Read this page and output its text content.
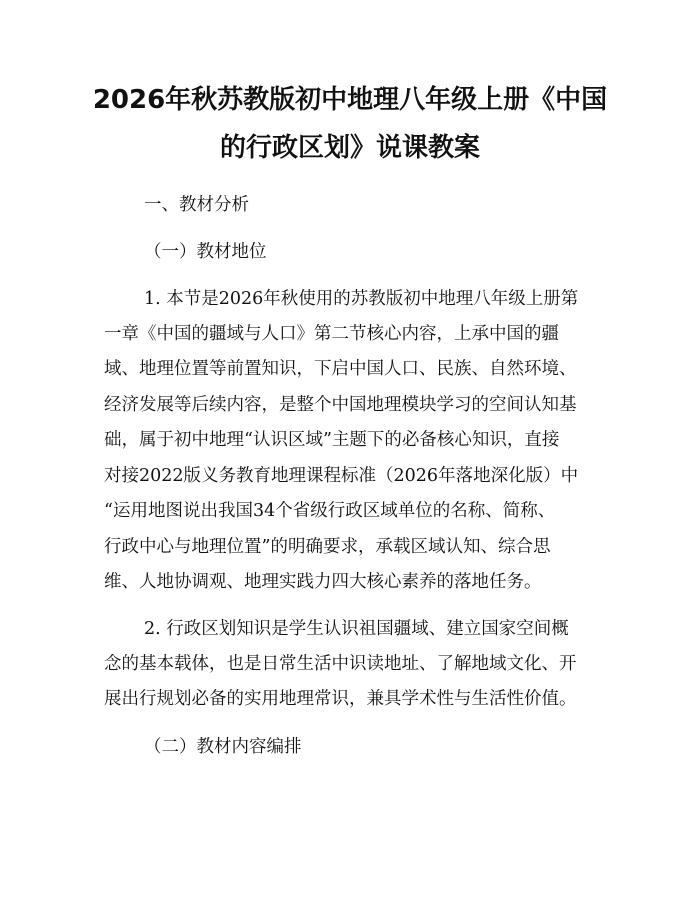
2026年秋苏教版初中地理八年级上册《中国
的行政区划》说课教案

一、教材分析

（一）教材地位

1. 本节是2026年秋使用的苏教版初中地理八年级上册第

一章《中国的疆域与人口》第二节核心内容，上承中国的疆

域、地理位置等前置知识，下启中国人口、民族、自然环境、

经济发展等后续内容，是整个中国地理模块学习的空间认知基

础，属于初中地理“认识区域”主题下的必备核心知识，直接

对接2022版义务教育地理课程标准（2026年落地深化版）中

“运用地图说出我国34个省级行政区域单位的名称、简称、

行政中心与地理位置”的明确要求，承载区域认知、综合思

维、人地协调观、地理实践力四大核心素养的落地任务。

2. 行政区划知识是学生认识祖国疆域、建立国家空间概

念的基本载体，也是日常生活中识读地址、了解地域文化、开

展出行规划必备的实用地理常识，兼具学术性与生活性价值。

（二）教材内容编排
